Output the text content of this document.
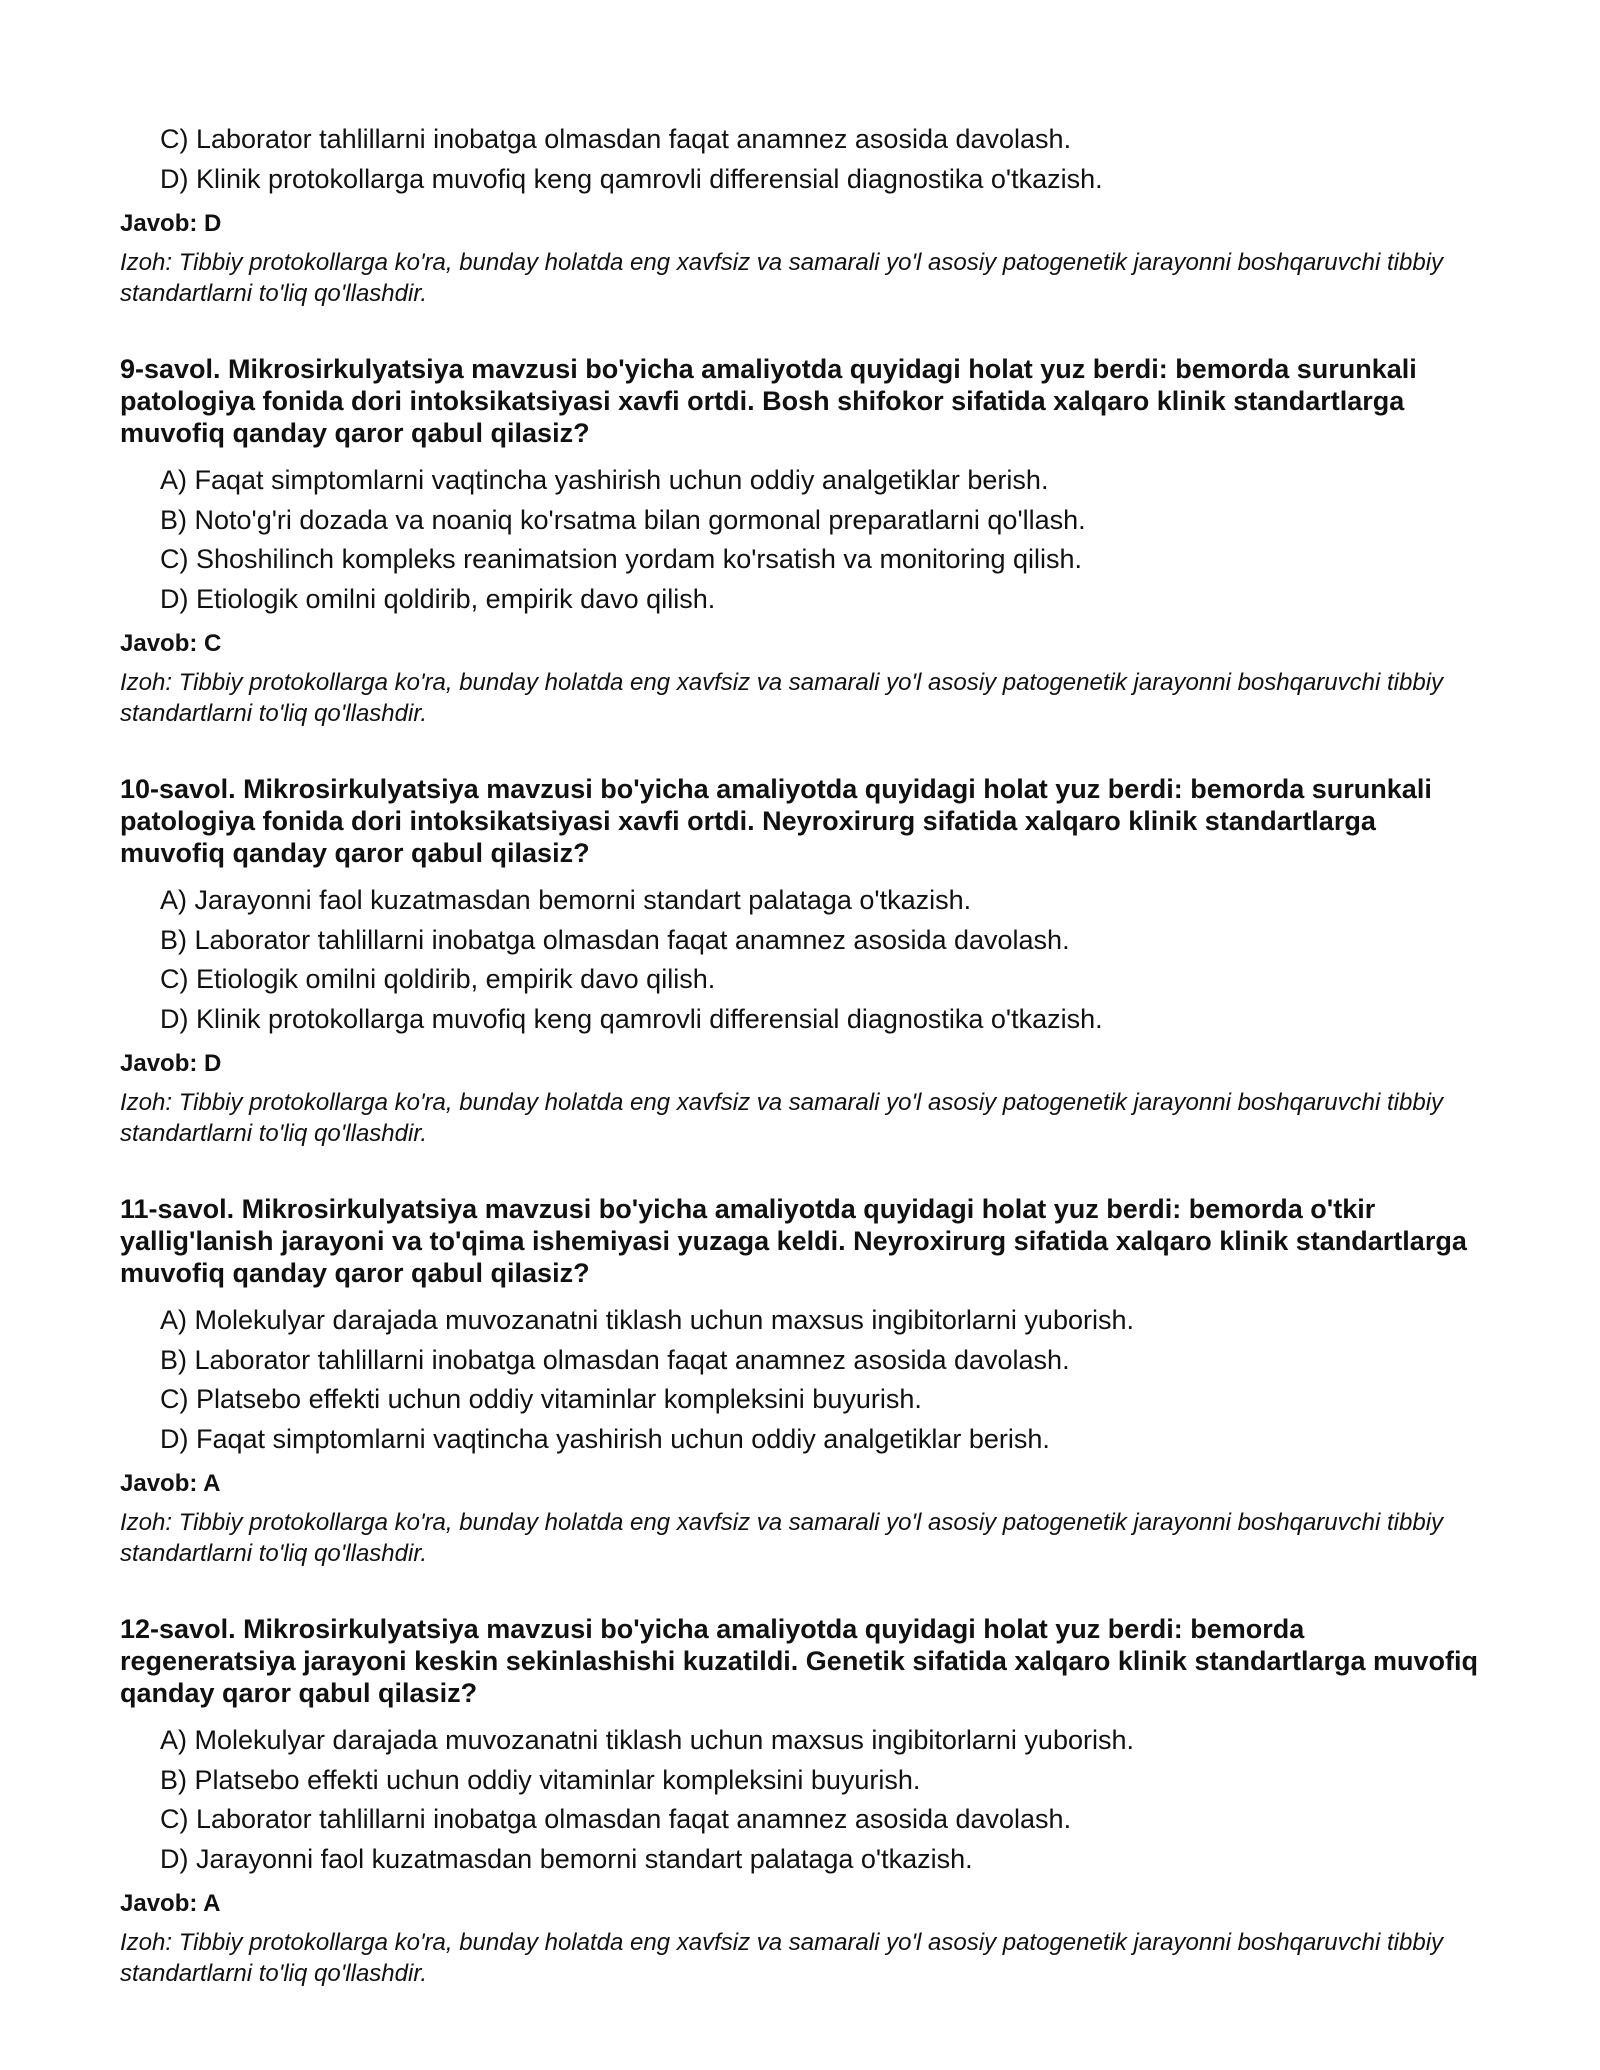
C) Laborator tahlillarni inobatga olmasdan faqat anamnez asosida davolash.
D) Klinik protokollarga muvofiq keng qamrovli differensial diagnostika o'tkazish.
Javob: D
Izoh: Tibbiy protokollarga ko'ra, bunday holatda eng xavfsiz va samarali yo'l asosiy patogenetik jarayonni boshqaruvchi tibbiy standartlarni to'liq qo'llashdir.
9-savol. Mikrosirkulyatsiya mavzusi bo'yicha amaliyotda quyidagi holat yuz berdi: bemorda surunkali patologiya fonida dori intoksikatsiyasi xavfi ortdi. Bosh shifokor sifatida xalqaro klinik standartlarga muvofiq qanday qaror qabul qilasiz?
A) Faqat simptomlarni vaqtincha yashirish uchun oddiy analgetiklar berish.
B) Noto'g'ri dozada va noaniq ko'rsatma bilan gormonal preparatlarni qo'llash.
C) Shoshilinch kompleks reanimatsion yordam ko'rsatish va monitoring qilish.
D) Etiologik omilni qoldirib, empirik davo qilish.
Javob: C
Izoh: Tibbiy protokollarga ko'ra, bunday holatda eng xavfsiz va samarali yo'l asosiy patogenetik jarayonni boshqaruvchi tibbiy standartlarni to'liq qo'llashdir.
10-savol. Mikrosirkulyatsiya mavzusi bo'yicha amaliyotda quyidagi holat yuz berdi: bemorda surunkali patologiya fonida dori intoksikatsiyasi xavfi ortdi. Neyroxirurg sifatida xalqaro klinik standartlarga muvofiq qanday qaror qabul qilasiz?
A) Jarayonni faol kuzatmasdan bemorni standart palataga o'tkazish.
B) Laborator tahlillarni inobatga olmasdan faqat anamnez asosida davolash.
C) Etiologik omilni qoldirib, empirik davo qilish.
D) Klinik protokollarga muvofiq keng qamrovli differensial diagnostika o'tkazish.
Javob: D
Izoh: Tibbiy protokollarga ko'ra, bunday holatda eng xavfsiz va samarali yo'l asosiy patogenetik jarayonni boshqaruvchi tibbiy standartlarni to'liq qo'llashdir.
11-savol. Mikrosirkulyatsiya mavzusi bo'yicha amaliyotda quyidagi holat yuz berdi: bemorda o'tkir yallig'lanish jarayoni va to'qima ishemiyasi yuzaga keldi. Neyroxirurg sifatida xalqaro klinik standartlarga muvofiq qanday qaror qabul qilasiz?
A) Molekulyar darajada muvozanatni tiklash uchun maxsus ingibitorlarni yuborish.
B) Laborator tahlillarni inobatga olmasdan faqat anamnez asosida davolash.
C) Platsebo effekti uchun oddiy vitaminlar kompleksini buyurish.
D) Faqat simptomlarni vaqtincha yashirish uchun oddiy analgetiklar berish.
Javob: A
Izoh: Tibbiy protokollarga ko'ra, bunday holatda eng xavfsiz va samarali yo'l asosiy patogenetik jarayonni boshqaruvchi tibbiy standartlarni to'liq qo'llashdir.
12-savol. Mikrosirkulyatsiya mavzusi bo'yicha amaliyotda quyidagi holat yuz berdi: bemorda regeneratsiya jarayoni keskin sekinlashishi kuzatildi. Genetik sifatida xalqaro klinik standartlarga muvofiq qanday qaror qabul qilasiz?
A) Molekulyar darajada muvozanatni tiklash uchun maxsus ingibitorlarni yuborish.
B) Platsebo effekti uchun oddiy vitaminlar kompleksini buyurish.
C) Laborator tahlillarni inobatga olmasdan faqat anamnez asosida davolash.
D) Jarayonni faol kuzatmasdan bemorni standart palataga o'tkazish.
Javob: A
Izoh: Tibbiy protokollarga ko'ra, bunday holatda eng xavfsiz va samarali yo'l asosiy patogenetik jarayonni boshqaruvchi tibbiy standartlarni to'liq qo'llashdir.
